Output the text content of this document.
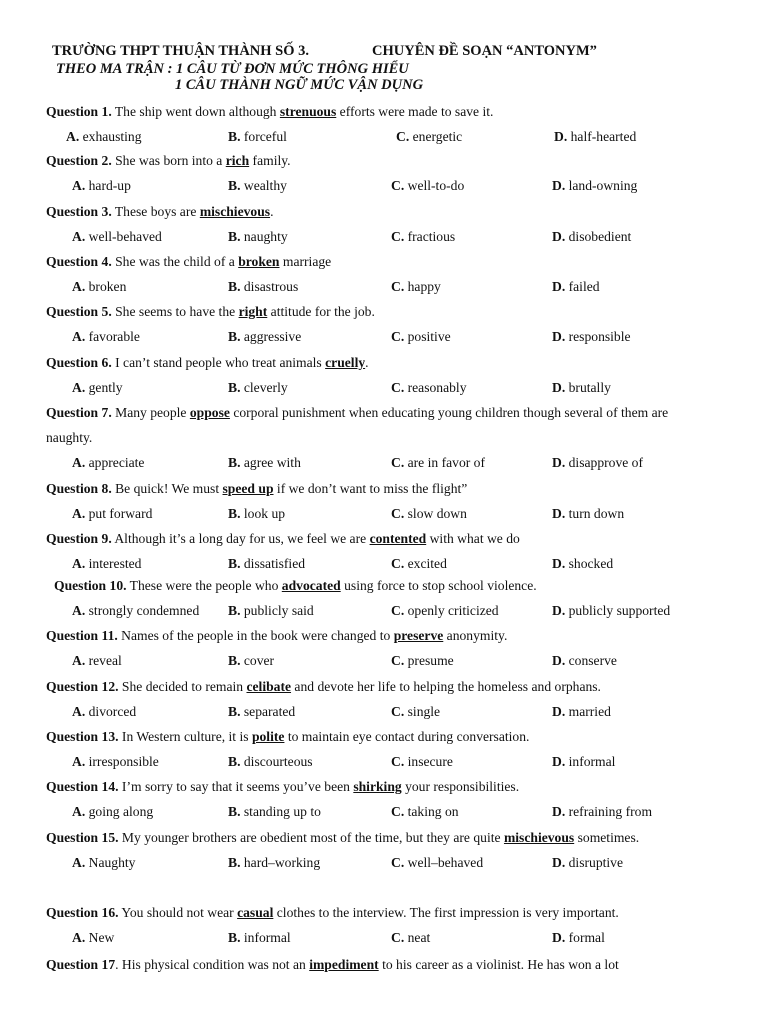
TRƯỜNG THPT THUẬN THÀNH SỐ 3.	CHUYÊN ĐỀ SOẠN “ANTONYM”
THEO MA TRẬN : 1 CÂU TỪ ĐƠN MỨC THÔNG HIỂU
1 CÂU THÀNH NGỮ MỨC VẬN DỤNG
Question 1. The ship went down although strenuous efforts were made to save it.
A. exhausting	B. forceful	C. energetic	D. half-hearted
Question 2. She was born into a rich family.
A. hard-up	B. wealthy	C. well-to-do	D. land-owning
Question 3. These boys are mischievous.
A. well-behaved	B. naughty	C. fractious	D. disobedient
Question 4. She was the child of a broken marriage
A. broken	B. disastrous	C. happy	D. failed
Question 5. She seems to have the right attitude for the job.
A. favorable	B. aggressive	C. positive	D. responsible
Question 6. I can’t stand people who treat animals cruelly.
A. gently	B. cleverly	C. reasonably	D. brutally
Question 7. Many people oppose corporal punishment when educating young children though several of them are naughty.
A. appreciate	B. agree with	C. are in favor of	D. disapprove of
Question 8. Be quick! We must speed up if we don’t want to miss the flight”
A. put forward	B. look up	C. slow down	D. turn down
Question 9. Although it’s a long day for us, we feel we are contented with what we do
A. interested	B. dissatisfied	C. excited	D. shocked
Question 10. These were the people who advocated using force to stop school violence.
A. strongly condemned B. publicly said	C. openly criticized	D. publicly supported
Question 11. Names of the people in the book were changed to preserve anonymity.
A. reveal	B. cover	C. presume	D. conserve
Question 12. She decided to remain celibate and devote her life to helping the homeless and orphans.
A. divorced	B. separated	C. single	D. married
Question 13. In Western culture, it is polite to maintain eye contact during conversation.
A. irresponsible	B. discourteous	C. insecure	D. informal
Question 14. I’m sorry to say that it seems you’ve been shirking your responsibilities.
A. going along	B. standing up to	C. taking on	D. refraining from
Question 15. My younger brothers are obedient most of the time, but they are quite mischievous sometimes.
A. Naughty	B. hard–working	C. well–behaved	D. disruptive
Question 16. You should not wear casual clothes to the interview. The first impression is very important.
A. New	B. informal	C. neat	D. formal
Question 17. His physical condition was not an impediment to his career as a violinist. He has won a lot
